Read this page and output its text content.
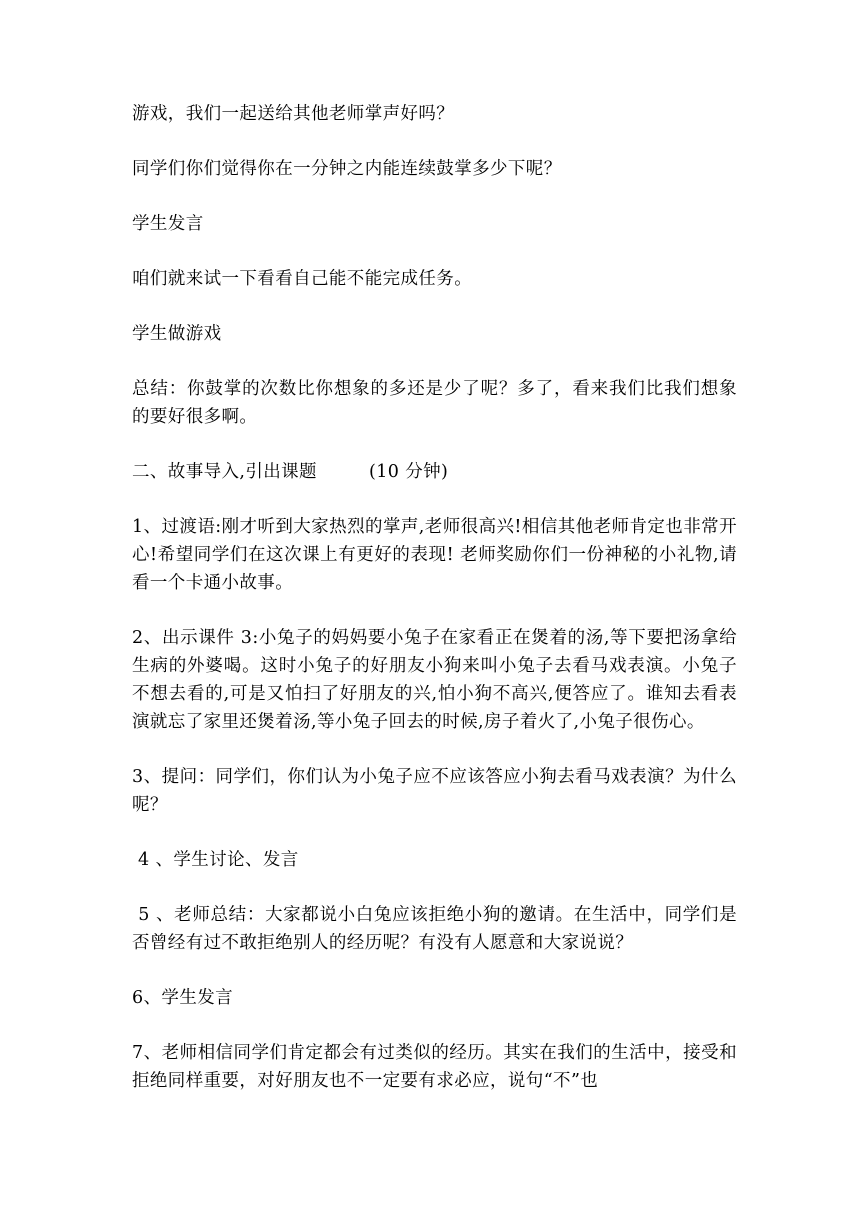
游戏，我们一起送给其他老师掌声好吗？

同学们你们觉得你在一分钟之内能连续鼓掌多少下呢？

学生发言

咱们就来试一下看看自己能不能完成任务。

学生做游戏

总结：你鼓掌的次数比你想象的多还是少了呢？多了，看来我们比我们想象的要好很多啊。

二、故事导入,引出课题	(10 分钟)

1、过渡语:刚才听到大家热烈的掌声,老师很高兴!相信其他老师肯定也非常开心!希望同学们在这次课上有更好的表现! 老师奖励你们一份神秘的小礼物,请看一个卡通小故事。

2、出示课件 3:小兔子的妈妈要小兔子在家看正在煲着的汤,等下要把汤拿给生病的外婆喝。这时小兔子的好朋友小狗来叫小兔子去看马戏表演。小兔子不想去看的,可是又怕扫了好朋友的兴,怕小狗不高兴,便答应了。谁知去看表演就忘了家里还煲着汤,等小兔子回去的时候,房子着火了,小兔子很伤心。

3、提问：同学们，你们认为小兔子应不应该答应小狗去看马戏表演？为什么呢？

4 、学生讨论、发言

5 、老师总结：大家都说小白兔应该拒绝小狗的邀请。在生活中，同学们是否曾经有过不敢拒绝别人的经历呢？有没有人愿意和大家说说？

6、学生发言

7、老师相信同学们肯定都会有过类似的经历。其实在我们的生活中，接受和拒绝同样重要，对好朋友也不一定要有求必应，说句“不”也
